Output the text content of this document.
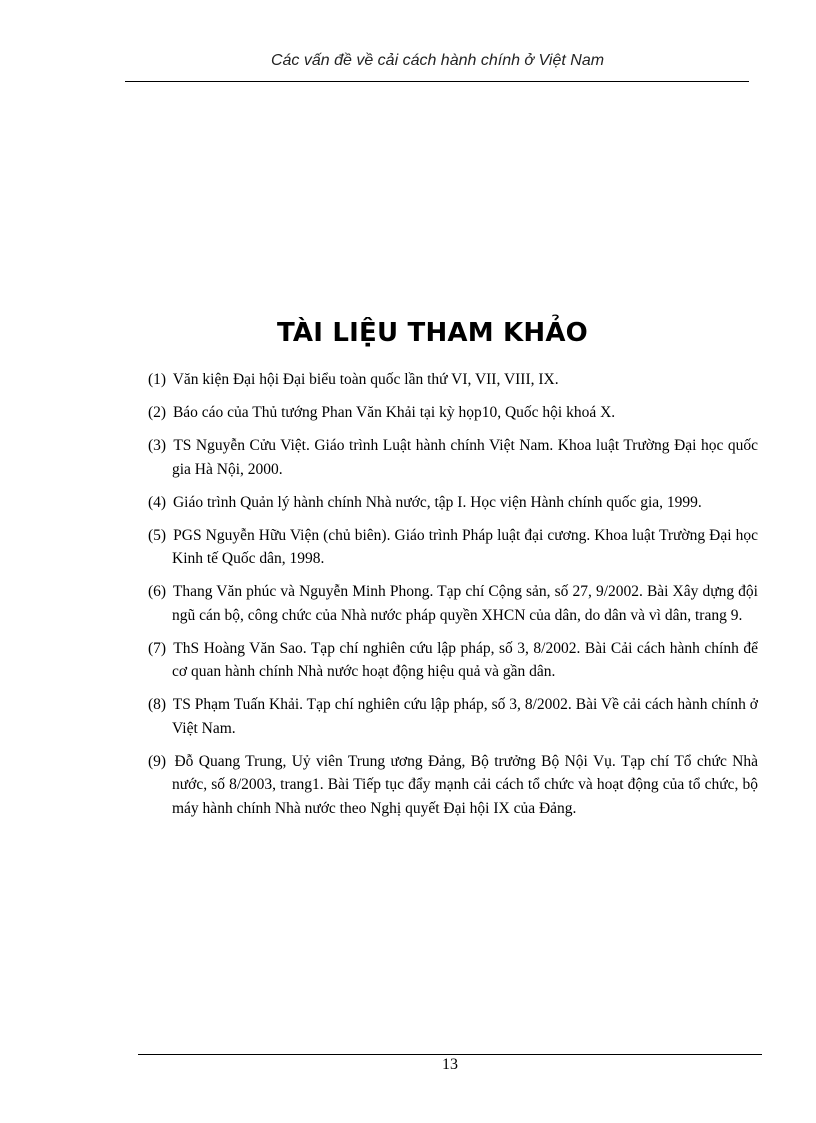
Các vấn đề về cải cách hành chính ở Việt Nam
TÀI LIỆU THAM KHẢO
(1) Văn kiện Đại hội Đại biểu toàn quốc lần thứ VI, VII, VIII, IX.
(2) Báo cáo của Thủ tướng Phan Văn Khải tại kỳ họp10, Quốc hội khoá X.
(3) TS Nguyễn Cửu Việt. Giáo trình Luật hành chính Việt Nam. Khoa luật Trường Đại học quốc gia Hà Nội, 2000.
(4) Giáo trình Quản lý hành chính Nhà nước, tập I. Học viện Hành chính quốc gia, 1999.
(5) PGS Nguyễn Hữu Viện (chủ biên). Giáo trình Pháp luật đại cương. Khoa luật Trường Đại học Kinh tế Quốc dân, 1998.
(6) Thang Văn phúc và Nguyễn Minh Phong. Tạp chí Cộng sản, số 27, 9/2002. Bài Xây dựng đội ngũ cán bộ, công chức của Nhà nước pháp quyền XHCN của dân, do dân và vì dân, trang 9.
(7) ThS Hoàng Văn Sao. Tạp chí nghiên cứu lập pháp, số 3, 8/2002. Bài Cải cách hành chính để cơ quan hành chính Nhà nước hoạt động hiệu quả và gần dân.
(8) TS Phạm Tuấn Khải. Tạp chí nghiên cứu lập pháp, số 3, 8/2002. Bài Về cải cách hành chính ở Việt Nam.
(9) Đỗ Quang Trung, Uỷ viên Trung ương Đảng, Bộ trưởng Bộ Nội Vụ. Tạp chí Tổ chức Nhà nước, số 8/2003, trang1. Bài Tiếp tục đẩy mạnh cải cách tổ chức và hoạt động của tổ chức, bộ máy hành chính Nhà nước theo Nghị quyết Đại hội IX của Đảng.
13
